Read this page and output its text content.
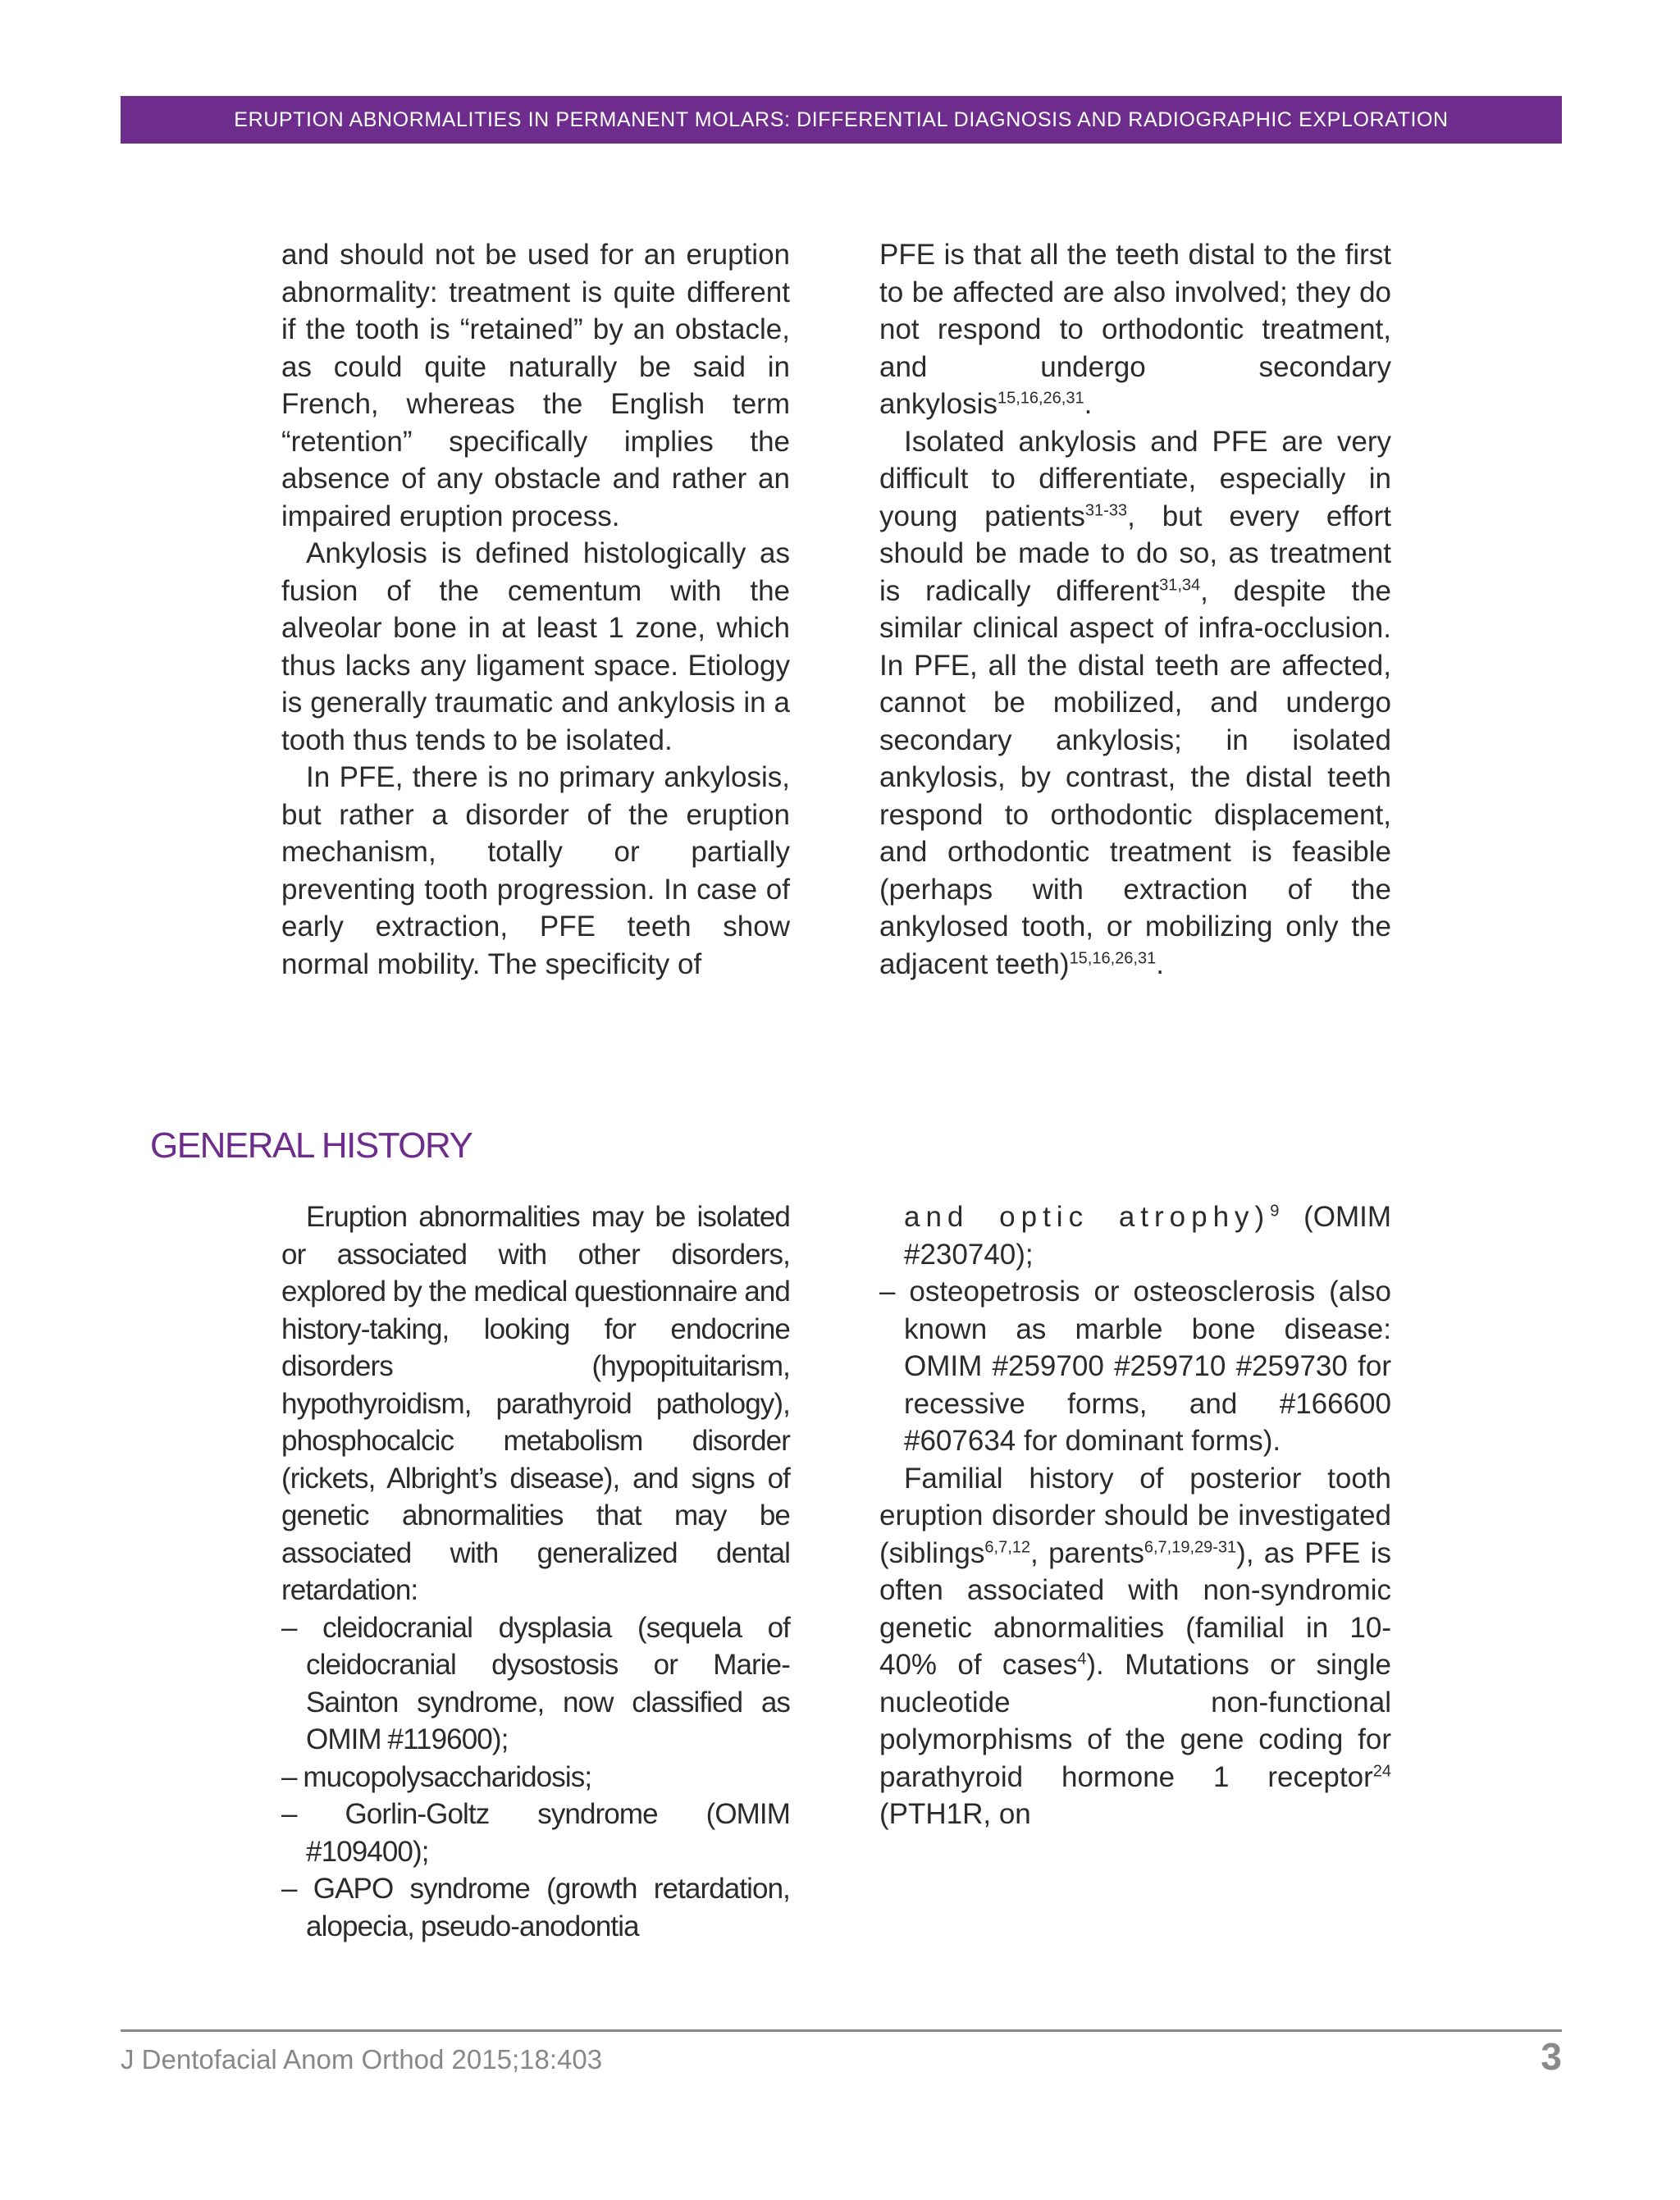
ERUPTION ABNORMALITIES IN PERMANENT MOLARS: DIFFERENTIAL DIAGNOSIS AND RADIOGRAPHIC EXPLORATION

and should not be used for an eruption abnormality: treatment is quite different if the tooth is “retained” by an obstacle, as could quite naturally be said in French, whereas the English term “retention” specifically implies the absence of any obstacle and rather an impaired eruption process.

Ankylosis is defined histologically as fusion of the cementum with the alveolar bone in at least 1 zone, which thus lacks any ligament space. Etiology is generally traumatic and ankylosis in a tooth thus tends to be isolated.

In PFE, there is no primary ankylosis, but rather a disorder of the eruption mechanism, totally or partially preventing tooth progression. In case of early extraction, PFE teeth show normal mobility. The specificity of

PFE is that all the teeth distal to the first to be affected are also involved; they do not respond to orthodontic treatment, and undergo secondary ankylosis$^{15,16,26,31}$.

Isolated ankylosis and PFE are very difficult to differentiate, especially in young patients$^{31-33}$, but every effort should be made to do so, as treatment is radically different$^{31,34}$, despite the similar clinical aspect of infra-occlusion. In PFE, all the distal teeth are affected, cannot be mobilized, and undergo secondary ankylosis; in isolated ankylosis, by contrast, the distal teeth respond to orthodontic displacement, and orthodontic treatment is feasible (perhaps with extraction of the ankylosed tooth, or mobilizing only the adjacent teeth)$^{15,16,26,31}$.

GENERAL HISTORY

Eruption abnormalities may be isolated or associated with other disorders, explored by the medical questionnaire and history-taking, looking for endocrine disorders (hypopituitarism, hypothyroidism, parathyroid pathology), phosphocalcic metabolism disorder (rickets, Albright’s disease), and signs of genetic abnormalities that may be associated with generalized dental retardation:

– cleidocranial dysplasia (sequela of cleidocranial dysostosis or Marie-Sainton syndrome, now classified as OMIM #119600);

– mucopolysaccharidosis;

– Gorlin-Goltz syndrome (OMIM #109400);

– GAPO syndrome (growth retardation, alopecia, pseudo-anodontia

and optic atrophy)$^9$ (OMIM #230740);

– osteopetrosis or osteosclerosis (also known as marble bone disease: OMIM #259700 #259710 #259730 for recessive forms, and #166600 #607634 for dominant forms).

Familial history of posterior tooth eruption disorder should be investigated (siblings$^{6,7,12}$, parents$^{6,7,19,29-31}$), as PFE is often associated with non-syndromic genetic abnormalities (familial in 10-40% of cases$^4$). Mutations or single nucleotide non-functional polymorphisms of the gene coding for parathyroid hormone 1 receptor$^{24}$ (PTH1R, on

J Dentofacial Anom Orthod 2015;18:403	3
